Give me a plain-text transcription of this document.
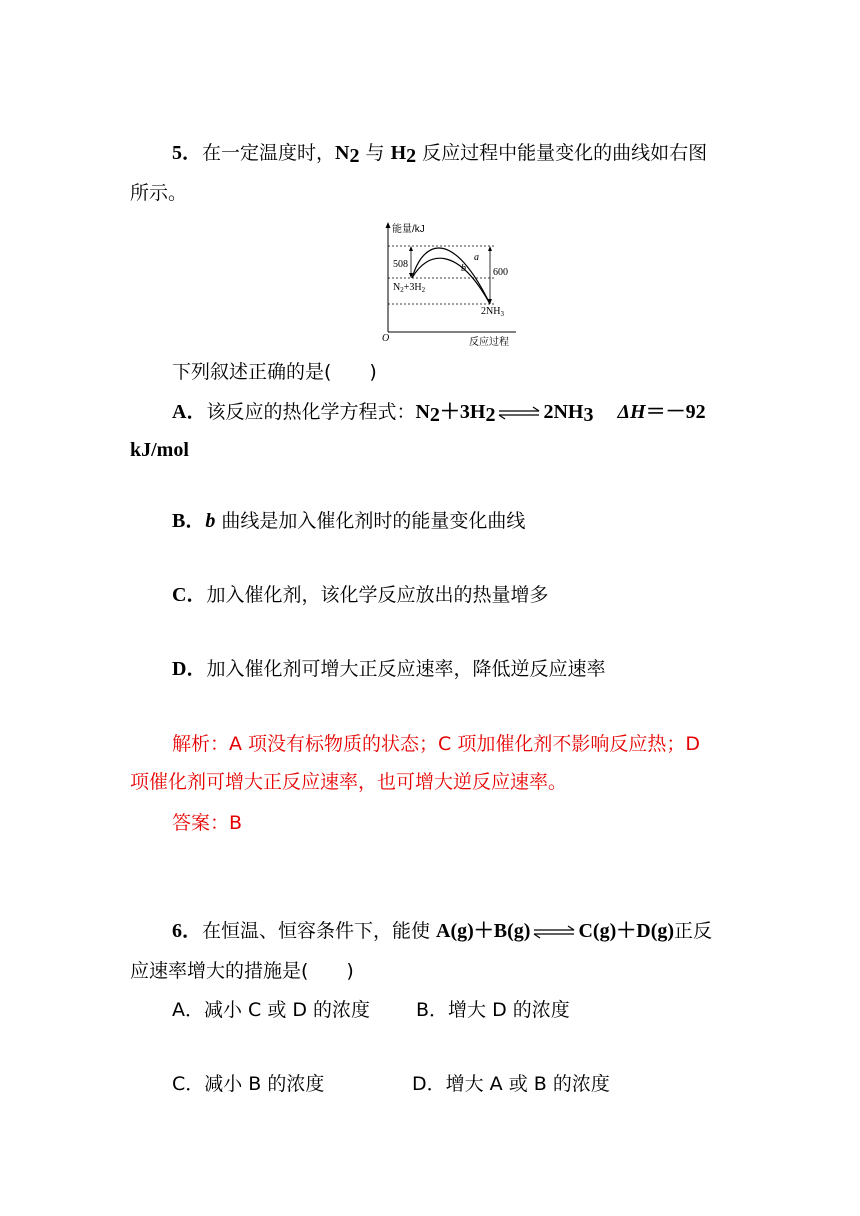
5．在一定温度时，$N_2$ 与 $H_2$ 反应过程中能量变化的曲线如右图
所示。
能量/kJ
508
600
a
b
$N_2+3H_2$
$2NH_3$
O	反应过程
下列叙述正确的是(　　)
A．该反应的热化学方程式：$N_2+3H_2$ ⇌ $2NH_3$ ΔH＝－92
kJ/mol
B．b 曲线是加入催化剂时的能量变化曲线
C．加入催化剂，该化学反应放出的热量增多
D．加入催化剂可增大正反应速率，降低逆反应速率
解析：A 项没有标物质的状态；C 项加催化剂不影响反应热；D
项催化剂可增大正反应速率，也可增大逆反应速率。
答案：B
6．在恒温、恒容条件下，能使 A(g)＋B(g) ⇌ C(g)＋D(g)正反
应速率增大的措施是(　　)
A．减小 C 或 D 的浓度	B．增大 D 的浓度
C．减小 B 的浓度	D．增大 A 或 B 的浓度
